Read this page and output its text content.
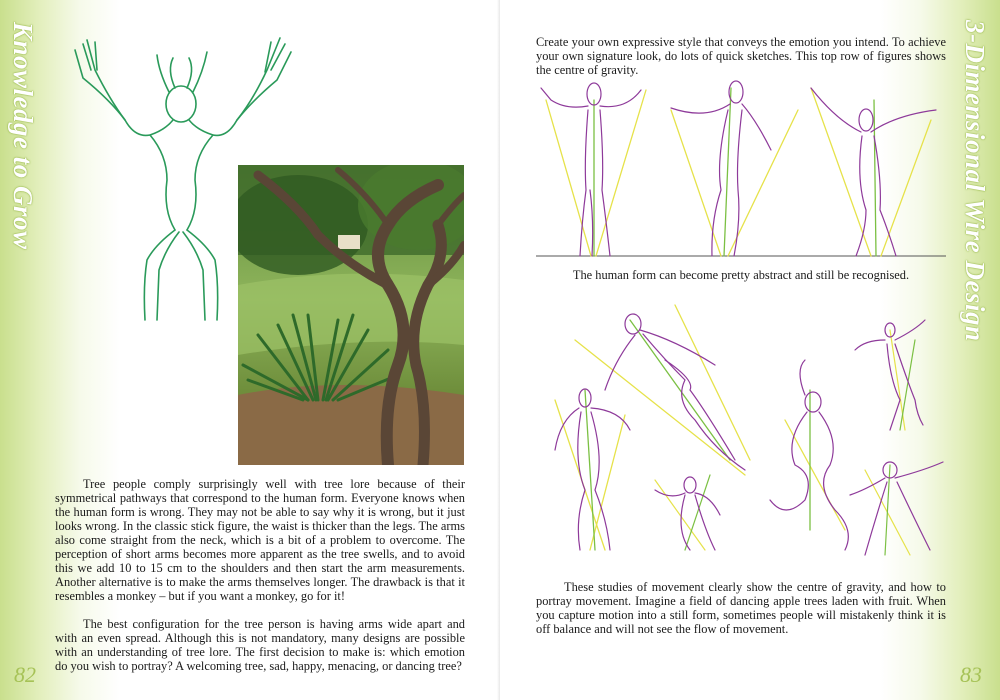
Knowledge to Grow

Tree people comply surprisingly well with tree lore because of their symmetrical pathways that correspond to the human form. Everyone knows when the human form is wrong. They may not be able to say why it is wrong, but it just looks wrong. In the classic stick figure, the waist is thicker than the legs. The arms also come straight from the neck, which is a bit of a problem to overcome. The perception of short arms becomes more apparent as the tree swells, and to avoid this we add 10 to 15 cm to the shoulders and then start the arm measurements. Another alternative is to make the arms themselves longer. The drawback is that it resembles a monkey – but if you want a monkey, go for it!

The best configuration for the tree person is having arms wide apart and with an even spread. Although this is not mandatory, many designs are possible with an understanding of tree lore. The first decision to make is: which emotion do you wish to portray? A welcoming tree, sad, happy, menacing, or dancing tree?

82
3-Dimensional Wire Design
83

Create your own expressive style that conveys the emotion you intend. To achieve your own signature look, do lots of quick sketches. This top row of figures shows the centre of gravity.

The human form can become pretty abstract and still be recognised.

These studies of movement clearly show the centre of gravity, and how to portray movement. Imagine a field of dancing apple trees laden with fruit. When you capture motion into a still form, sometimes people will mistakenly think it is off balance and will not see the flow of movement.
